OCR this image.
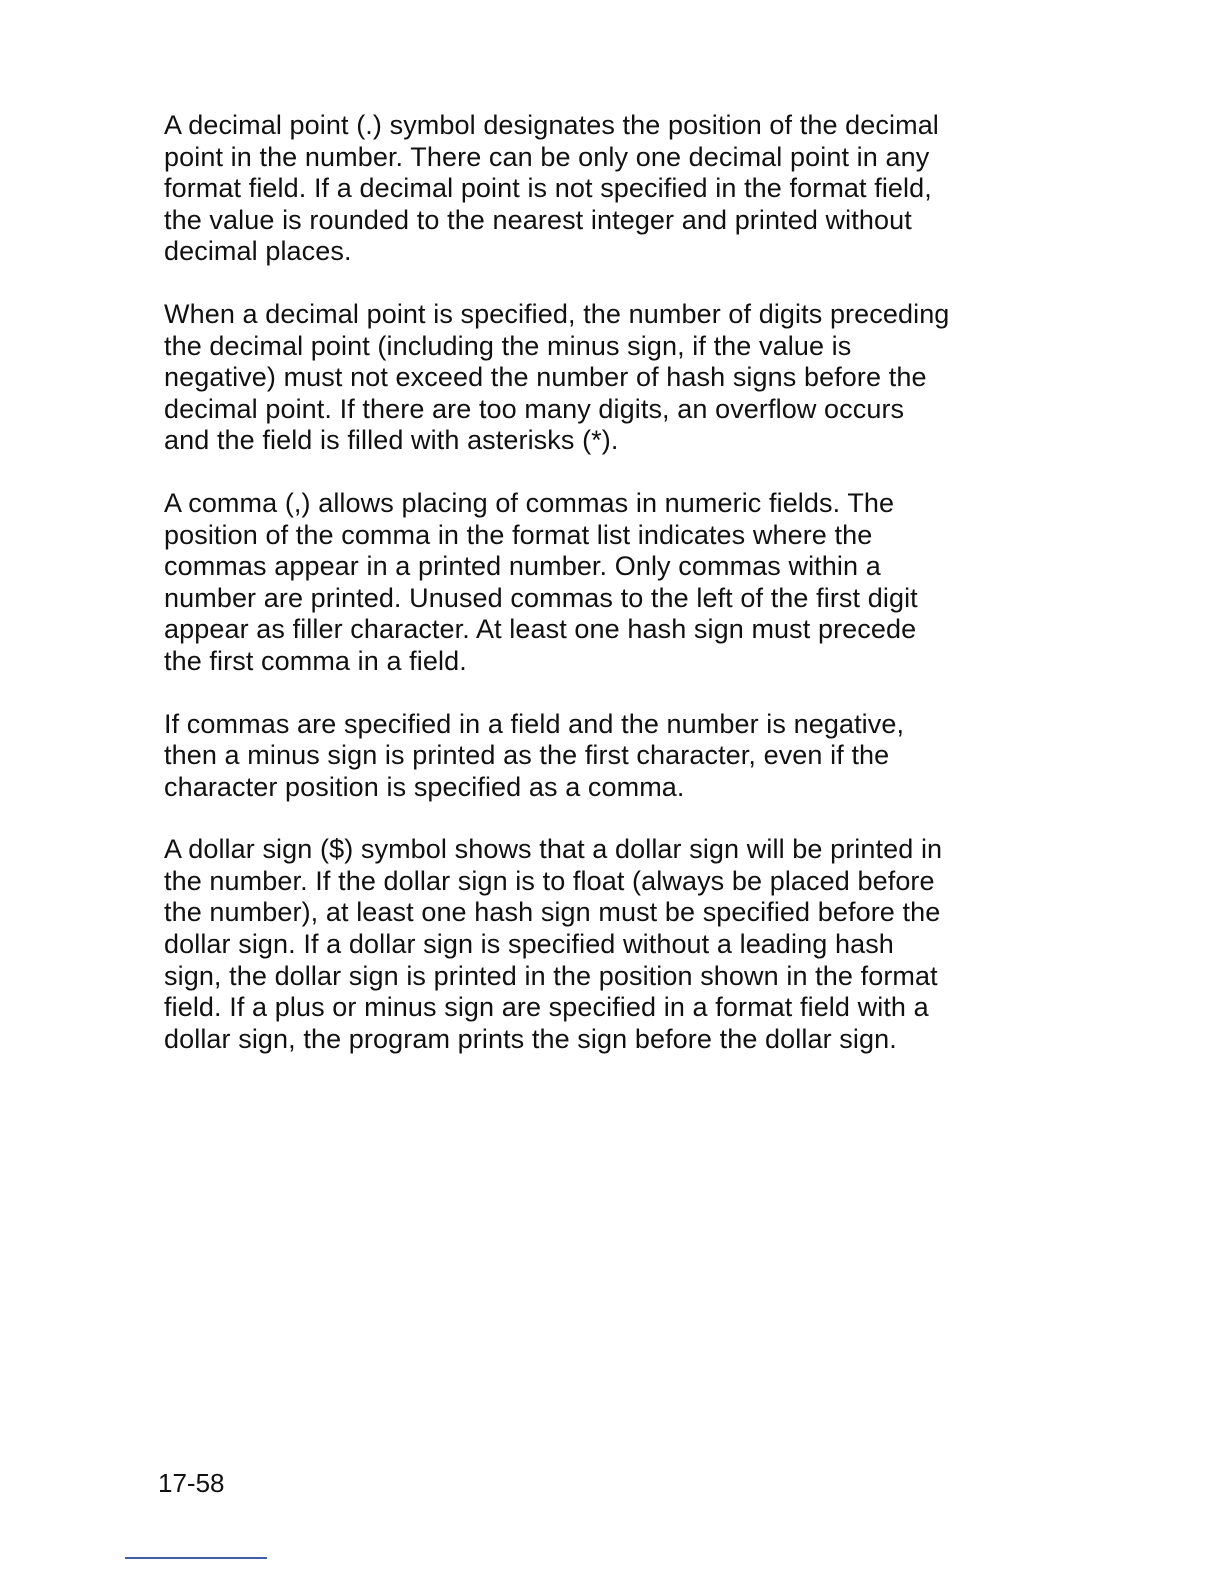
A decimal point (.) symbol designates the position of the decimal
point in the number. There can be only one decimal point in any
format field. If a decimal point is not specified in the format field,
the value is rounded to the nearest integer and printed without
decimal places.

When a decimal point is specified, the number of digits preceding
the decimal point (including the minus sign, if the value is
negative) must not exceed the number of hash signs before the
decimal point. If there are too many digits, an overflow occurs
and the field is filled with asterisks (*).

A comma (,) allows placing of commas in numeric fields. The
position of the comma in the format list indicates where the
commas appear in a printed number. Only commas within a
number are printed. Unused commas to the left of the first digit
appear as filler character. At least one hash sign must precede
the first comma in a field.

If commas are specified in a field and the number is negative,
then a minus sign is printed as the first character, even if the
character position is specified as a comma.

A dollar sign ($) symbol shows that a dollar sign will be printed in
the number. If the dollar sign is to float (always be placed before
the number), at least one hash sign must be specified before the
dollar sign. If a dollar sign is specified without a leading hash
sign, the dollar sign is printed in the position shown in the format
field. If a plus or minus sign are specified in a format field with a
dollar sign, the program prints the sign before the dollar sign.

17-58
